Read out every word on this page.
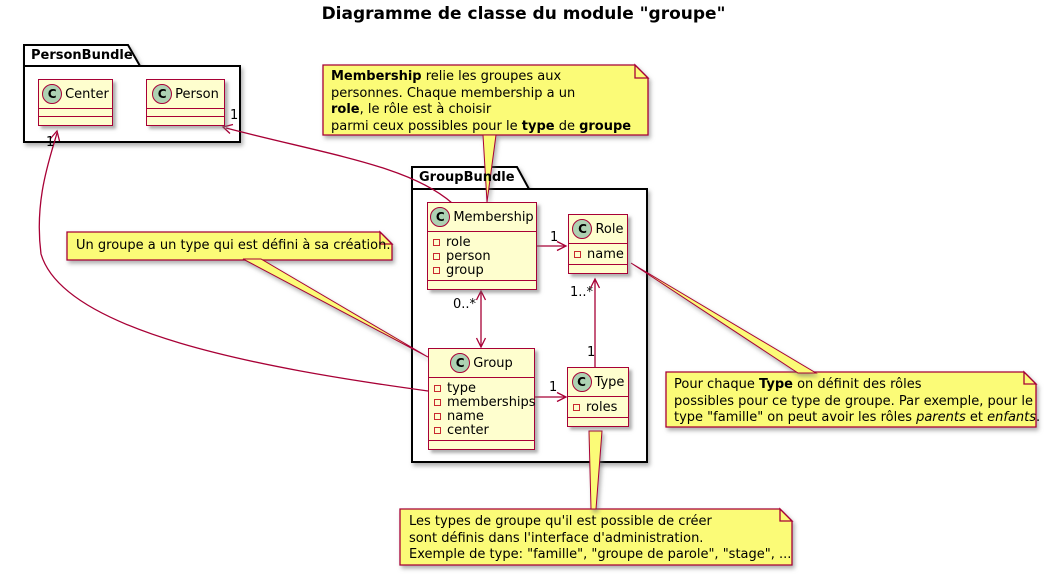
1
0..*
1..*
1
1
1
1
Diagramme de classe du module "groupe"
PersonBundle
GroupBundle
C Center	C Person
C Membership
role
person
group
C Role
name
C Group
type
memberships
name
center
C Type
roles
Membership relie les groupes aux
personnes. Chaque membership a un
role, le rôle est à choisir
parmi ceux possibles pour le type de groupe
Un groupe a un type qui est défini à sa création.
Pour chaque Type on définit des rôles
possibles pour ce type de groupe. Par exemple, pour le
type "famille" on peut avoir les rôles parents et enfants.
Les types de groupe qu'il est possible de créer
sont définis dans l'interface d'administration.
Exemple de type: "famille", "groupe de parole", "stage", ...
